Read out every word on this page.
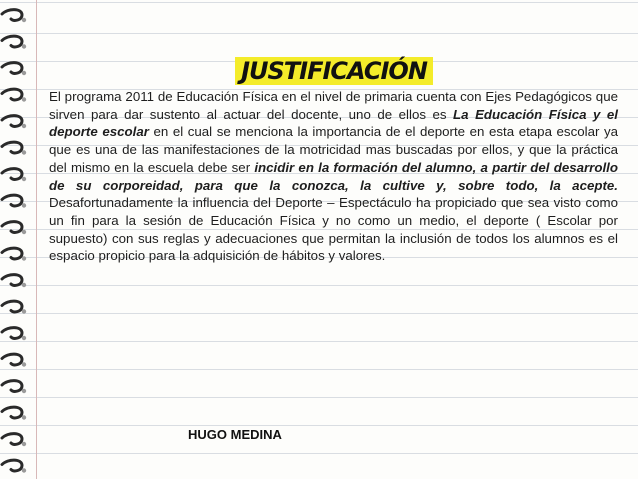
JUSTIFICACIÓN

El programa 2011 de Educación Física en el nivel de primaria cuenta con Ejes Pedagógicos que sirven para dar sustento al actuar del docente, uno de ellos es La Educación Física y el deporte escolar en el cual se menciona la importancia de el deporte en esta etapa escolar ya que es una de las manifestaciones de la motricidad mas buscadas por ellos, y que la práctica del mismo en la escuela debe ser incidir en la formación del alumno, a partir del desarrollo de su corporeidad, para que la conozca, la cultive y, sobre todo, la acepte. Desafortunadamente la influencia del Deporte – Espectáculo ha propiciado que sea visto como un fin para la sesión de Educación Física y no como un medio, el deporte ( Escolar por supuesto) con sus reglas y adecuaciones que permitan la inclusión de todos los alumnos es el espacio propicio para la adquisición de hábitos y valores.

HUGO MEDINA
